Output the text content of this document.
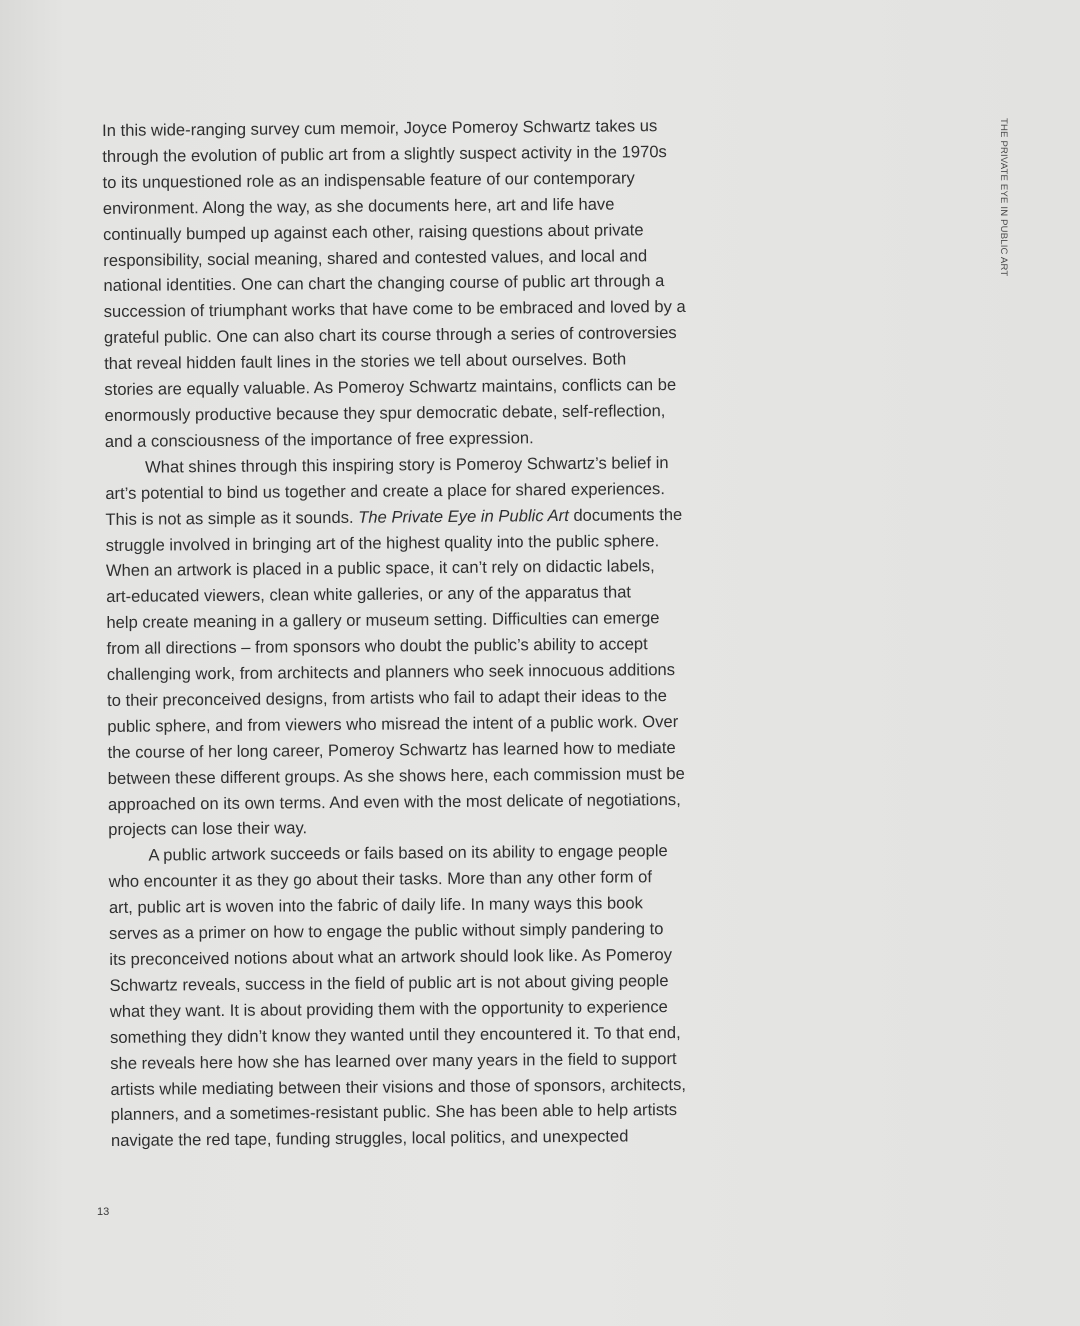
THE PRIVATE EYE IN PUBLIC ART
In this wide-ranging survey cum memoir, Joyce Pomeroy Schwartz takes us
through the evolution of public art from a slightly suspect activity in the 1970s
to its unquestioned role as an indispensable feature of our contemporary
environment. Along the way, as she documents here, art and life have
continually bumped up against each other, raising questions about private
responsibility, social meaning, shared and contested values, and local and
national identities. One can chart the changing course of public art through a
succession of triumphant works that have come to be embraced and loved by a
grateful public. One can also chart its course through a series of controversies
that reveal hidden fault lines in the stories we tell about ourselves. Both
stories are equally valuable. As Pomeroy Schwartz maintains, conflicts can be
enormously productive because they spur democratic debate, self-reflection,
and a consciousness of the importance of free expression.
What shines through this inspiring story is Pomeroy Schwartz’s belief in
art’s potential to bind us together and create a place for shared experiences.
This is not as simple as it sounds. The Private Eye in Public Art documents the
struggle involved in bringing art of the highest quality into the public sphere.
When an artwork is placed in a public space, it can’t rely on didactic labels,
art-educated viewers, clean white galleries, or any of the apparatus that
help create meaning in a gallery or museum setting. Difficulties can emerge
from all directions – from sponsors who doubt the public’s ability to accept
challenging work, from architects and planners who seek innocuous additions
to their preconceived designs, from artists who fail to adapt their ideas to the
public sphere, and from viewers who misread the intent of a public work. Over
the course of her long career, Pomeroy Schwartz has learned how to mediate
between these different groups. As she shows here, each commission must be
approached on its own terms. And even with the most delicate of negotiations,
projects can lose their way.
A public artwork succeeds or fails based on its ability to engage people
who encounter it as they go about their tasks. More than any other form of
art, public art is woven into the fabric of daily life. In many ways this book
serves as a primer on how to engage the public without simply pandering to
its preconceived notions about what an artwork should look like. As Pomeroy
Schwartz reveals, success in the field of public art is not about giving people
what they want. It is about providing them with the opportunity to experience
something they didn’t know they wanted until they encountered it. To that end,
she reveals here how she has learned over many years in the field to support
artists while mediating between their visions and those of sponsors, architects,
planners, and a sometimes-resistant public. She has been able to help artists
navigate the red tape, funding struggles, local politics, and unexpected
13
